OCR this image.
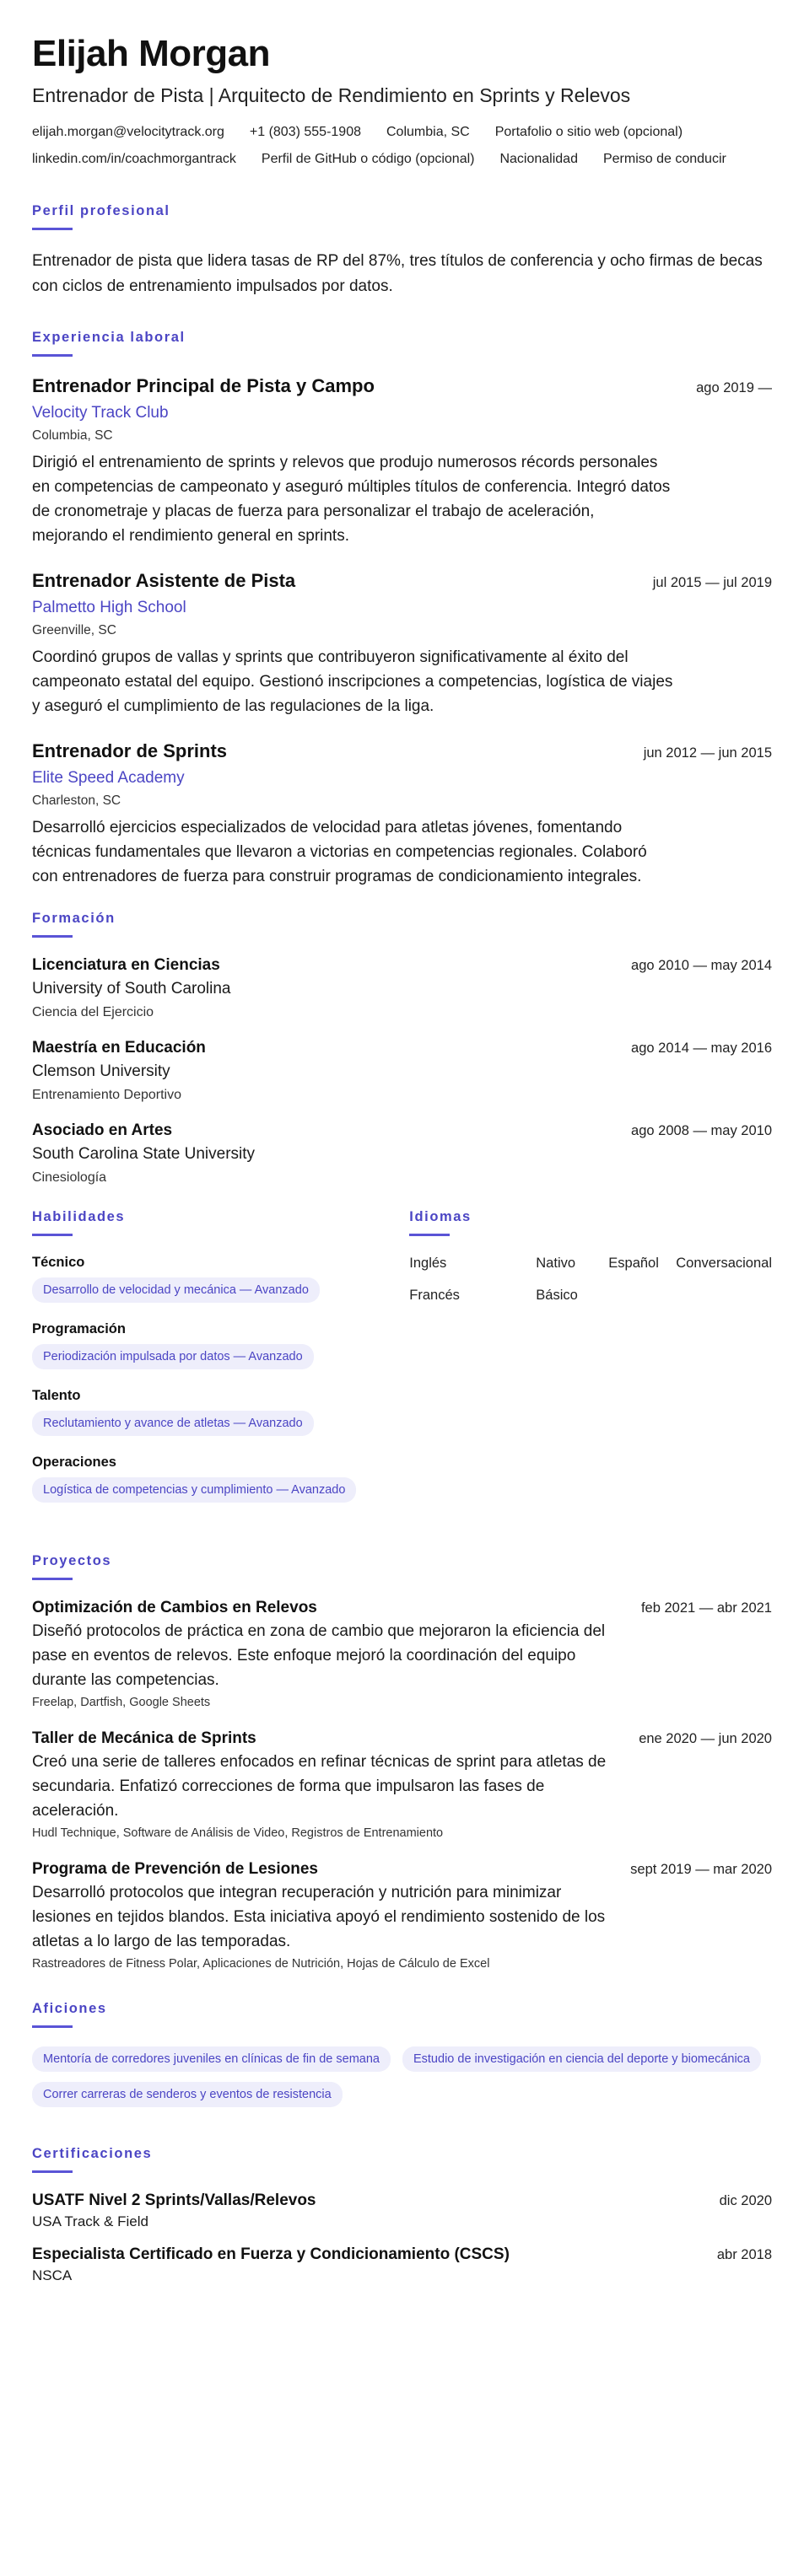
Elijah Morgan
Entrenador de Pista | Arquitecto de Rendimiento en Sprints y Relevos
elijah.morgan@velocitytrack.org +1 (803) 555-1908 Columbia, SC Portafolio o sitio web (opcional)
linkedin.com/in/coachmorgantrack Perfil de GitHub o código (opcional) Nacionalidad Permiso de conducir
Perfil profesional
Entrenador de pista que lidera tasas de RP del 87%, tres títulos de conferencia y ocho firmas de becas con ciclos de entrenamiento impulsados por datos.
Experiencia laboral
Entrenador Principal de Pista y Campo	ago 2019 —
Velocity Track Club
Columbia, SC
Dirigió el entrenamiento de sprints y relevos que produjo numerosos récords personales en competencias de campeonato y aseguró múltiples títulos de conferencia. Integró datos de cronometraje y placas de fuerza para personalizar el trabajo de aceleración, mejorando el rendimiento general en sprints.
Entrenador Asistente de Pista	jul 2015 — jul 2019
Palmetto High School
Greenville, SC
Coordinó grupos de vallas y sprints que contribuyeron significativamente al éxito del campeonato estatal del equipo. Gestionó inscripciones a competencias, logística de viajes y aseguró el cumplimiento de las regulaciones de la liga.
Entrenador de Sprints	jun 2012 — jun 2015
Elite Speed Academy
Charleston, SC
Desarrolló ejercicios especializados de velocidad para atletas jóvenes, fomentando técnicas fundamentales que llevaron a victorias en competencias regionales. Colaboró con entrenadores de fuerza para construir programas de condicionamiento integrales.
Formación
Licenciatura en Ciencias	ago 2010 — may 2014
University of South Carolina
Ciencia del Ejercicio
Maestría en Educación	ago 2014 — may 2016
Clemson University
Entrenamiento Deportivo
Asociado en Artes	ago 2008 — may 2010
South Carolina State University
Cinesiología
Habilidades
Técnico
Desarrollo de velocidad y mecánica — Avanzado
Programación
Periodización impulsada por datos — Avanzado
Talento
Reclutamiento y avance de atletas — Avanzado
Operaciones
Logística de competencias y cumplimiento — Avanzado
Idiomas
Inglés	Nativo	Español	Conversacional
Francés	Básico
Proyectos
Optimización de Cambios en Relevos	feb 2021 — abr 2021
Diseñó protocolos de práctica en zona de cambio que mejoraron la eficiencia del pase en eventos de relevos. Este enfoque mejoró la coordinación del equipo durante las competencias.
Freelap, Dartfish, Google Sheets
Taller de Mecánica de Sprints	ene 2020 — jun 2020
Creó una serie de talleres enfocados en refinar técnicas de sprint para atletas de secundaria. Enfatizó correcciones de forma que impulsaron las fases de aceleración.
Hudl Technique, Software de Análisis de Video, Registros de Entrenamiento
Programa de Prevención de Lesiones	sept 2019 — mar 2020
Desarrolló protocolos que integran recuperación y nutrición para minimizar lesiones en tejidos blandos. Esta iniciativa apoyó el rendimiento sostenido de los atletas a lo largo de las temporadas.
Rastreadores de Fitness Polar, Aplicaciones de Nutrición, Hojas de Cálculo de Excel
Aficiones
Mentoría de corredores juveniles en clínicas de fin de semana	Estudio de investigación en ciencia del deporte y biomecánica
Correr carreras de senderos y eventos de resistencia
Certificaciones
USATF Nivel 2 Sprints/Vallas/Relevos	dic 2020
USA Track & Field
Especialista Certificado en Fuerza y Condicionamiento (CSCS)	abr 2018
NSCA
